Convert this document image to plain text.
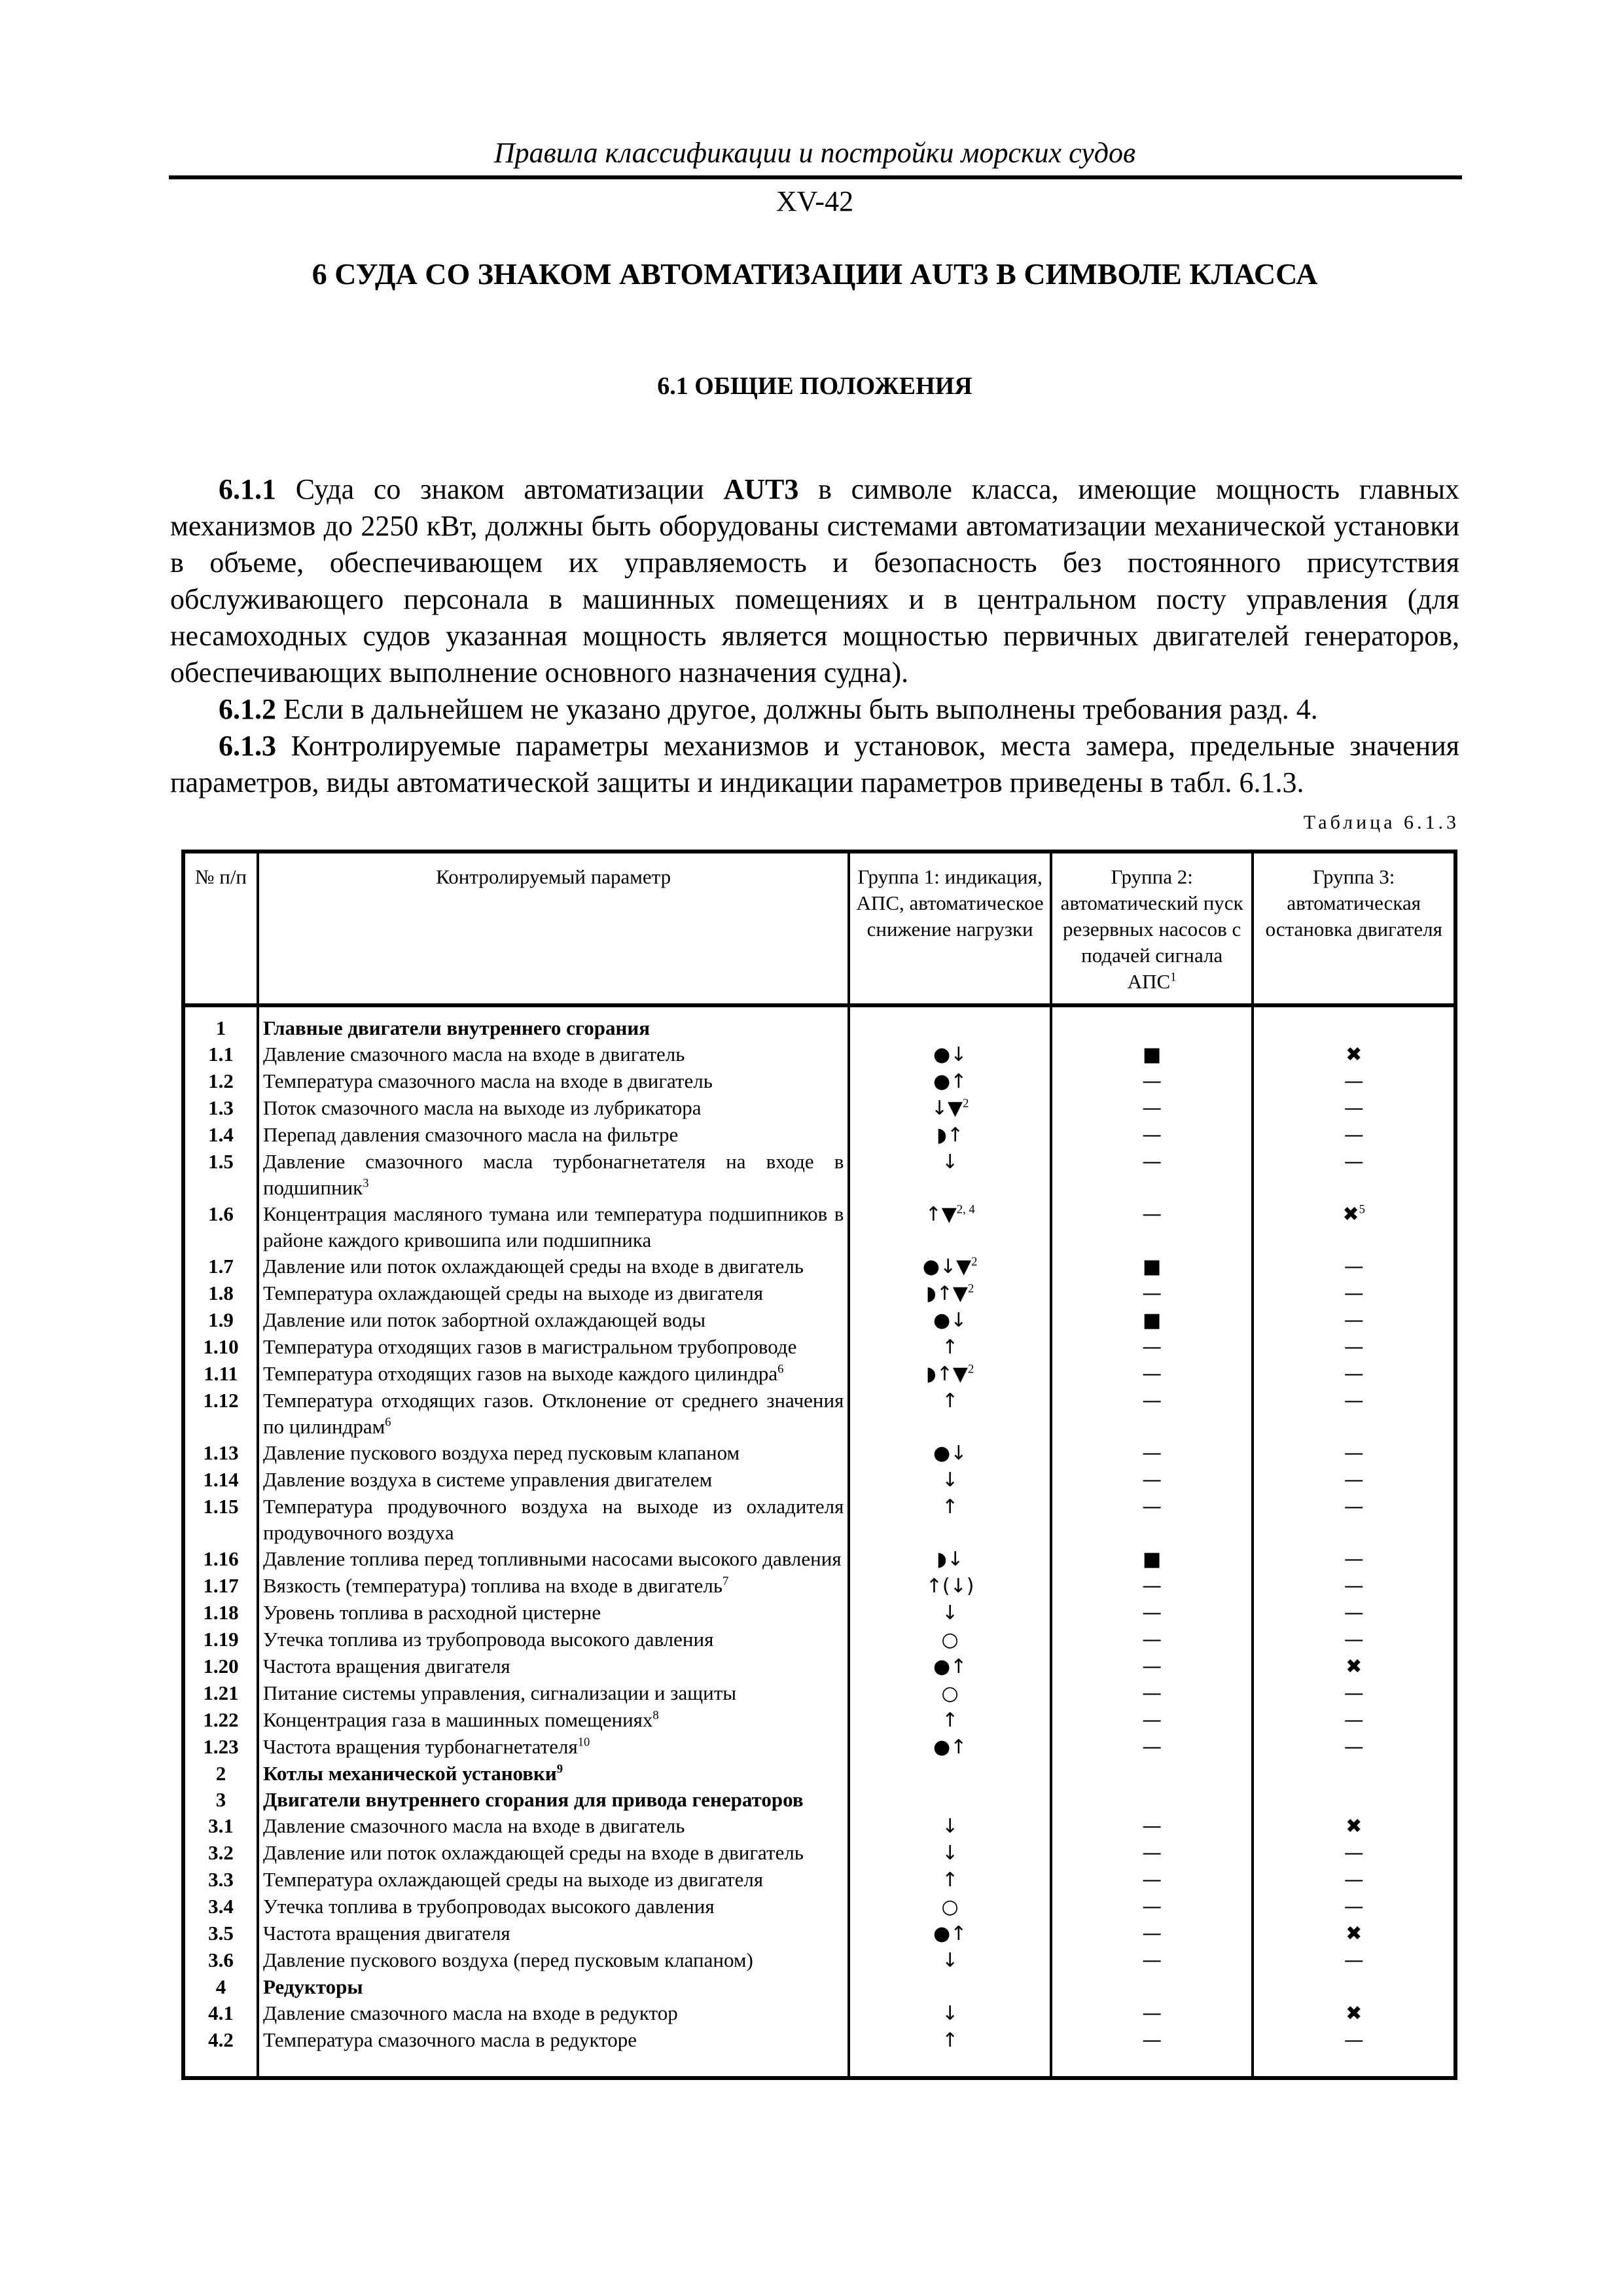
Правила классификации и постройки морских судов
XV-42
6 СУДА СО ЗНАКОМ АВТОМАТИЗАЦИИ AUT3 В СИМВОЛЕ КЛАССА
6.1 ОБЩИЕ ПОЛОЖЕНИЯ

6.1.1 Суда со знаком автоматизации AUT3 в символе класса, имеющие мощность главных механизмов до 2250 кВт, должны быть оборудованы системами автоматизации механической установки в объеме, обеспечивающем их управляемость и безопасность без постоянного присутствия обслуживающего персонала в машинных помещениях и в центральном посту управления (для несамоходных судов указанная мощность является мощностью первичных двигателей генераторов, обеспечивающих выполнение основного назначения судна).

6.1.2 Если в дальнейшем не указано другое, должны быть выполнены требования разд. 4.

6.1.3 Контролируемые параметры механизмов и установок, места замера, предельные значения параметров, виды автоматической защиты и индикации параметров приведены в табл. 6.1.3.

Таблица 6.1.3
№ п/п	Контролируемый параметр	Группа 1: индикация, АПС, автоматическое снижение нагрузки	Группа 2: автоматический пуск резервных насосов с подачей сигнала АПС$^1$	Группа 3: автоматическая остановка двигателя
1	Главные двигатели внутреннего сгорания			
1.1	Давление смазочного масла на входе в двигатель	●↓	■	✖
1.2	Температура смазочного масла на входе в двигатель	●↑	—	—
1.3	Поток смазочного масла на выходе из лубрикатора	↓▼$^2$	—	—
1.4	Перепад давления смазочного масла на фильтре	◗↑	—	—
1.5	Давление смазочного масла турбонагнетателя на входе в подшипник$^3$	↓	—	—
1.6	Концентрация масляного тумана или температура подшипников в районе каждого кривошипа или подшипника	↑▼$^{2, 4}$	—	✖$^5$
1.7	Давление или поток охлаждающей среды на входе в двигатель	●↓▼$^2$	■	—
1.8	Температура охлаждающей среды на выходе из двигателя	◗↑▼$^2$	—	—
1.9	Давление или поток забортной охлаждающей воды	●↓	■	—
1.10	Температура отходящих газов в магистральном трубопроводе	↑	—	—
1.11	Температура отходящих газов на выходе каждого цилиндра$^6$	◗↑▼$^2$	—	—
1.12	Температура отходящих газов. Отклонение от среднего значения по цилиндрам$^6$	↑	—	—
1.13	Давление пускового воздуха перед пусковым клапаном	●↓	—	—
1.14	Давление воздуха в системе управления двигателем	↓	—	—
1.15	Температура продувочного воздуха на выходе из охладителя продувочного воздуха	↑	—	—
1.16	Давление топлива перед топливными насосами высокого давления	◗↓	■	—
1.17	Вязкость (температура) топлива на входе в двигатель$^7$	↑(↓)	—	—
1.18	Уровень топлива в расходной цистерне	↓	—	—
1.19	Утечка топлива из трубопровода высокого давления	○	—	—
1.20	Частота вращения двигателя	●↑	—	✖
1.21	Питание системы управления, сигнализации и защиты	○	—	—
1.22	Концентрация газа в машинных помещениях$^8$	↑	—	—
1.23	Частота вращения турбонагнетателя$^{10}$	●↑	—	—
2	Котлы механической установки$^9$			
3	Двигатели внутреннего сгорания для привода генераторов			
3.1	Давление смазочного масла на входе в двигатель	↓	—	✖
3.2	Давление или поток охлаждающей среды на входе в двигатель	↓	—	—
3.3	Температура охлаждающей среды на выходе из двигателя	↑	—	—
3.4	Утечка топлива в трубопроводах высокого давления	○	—	—
3.5	Частота вращения двигателя	●↑	—	✖
3.6	Давление пускового воздуха (перед пусковым клапаном)	↓	—	—
4	Редукторы			
4.1	Давление смазочного масла на входе в редуктор	↓	—	✖
4.2	Температура смазочного масла в редукторе	↑	—	—
